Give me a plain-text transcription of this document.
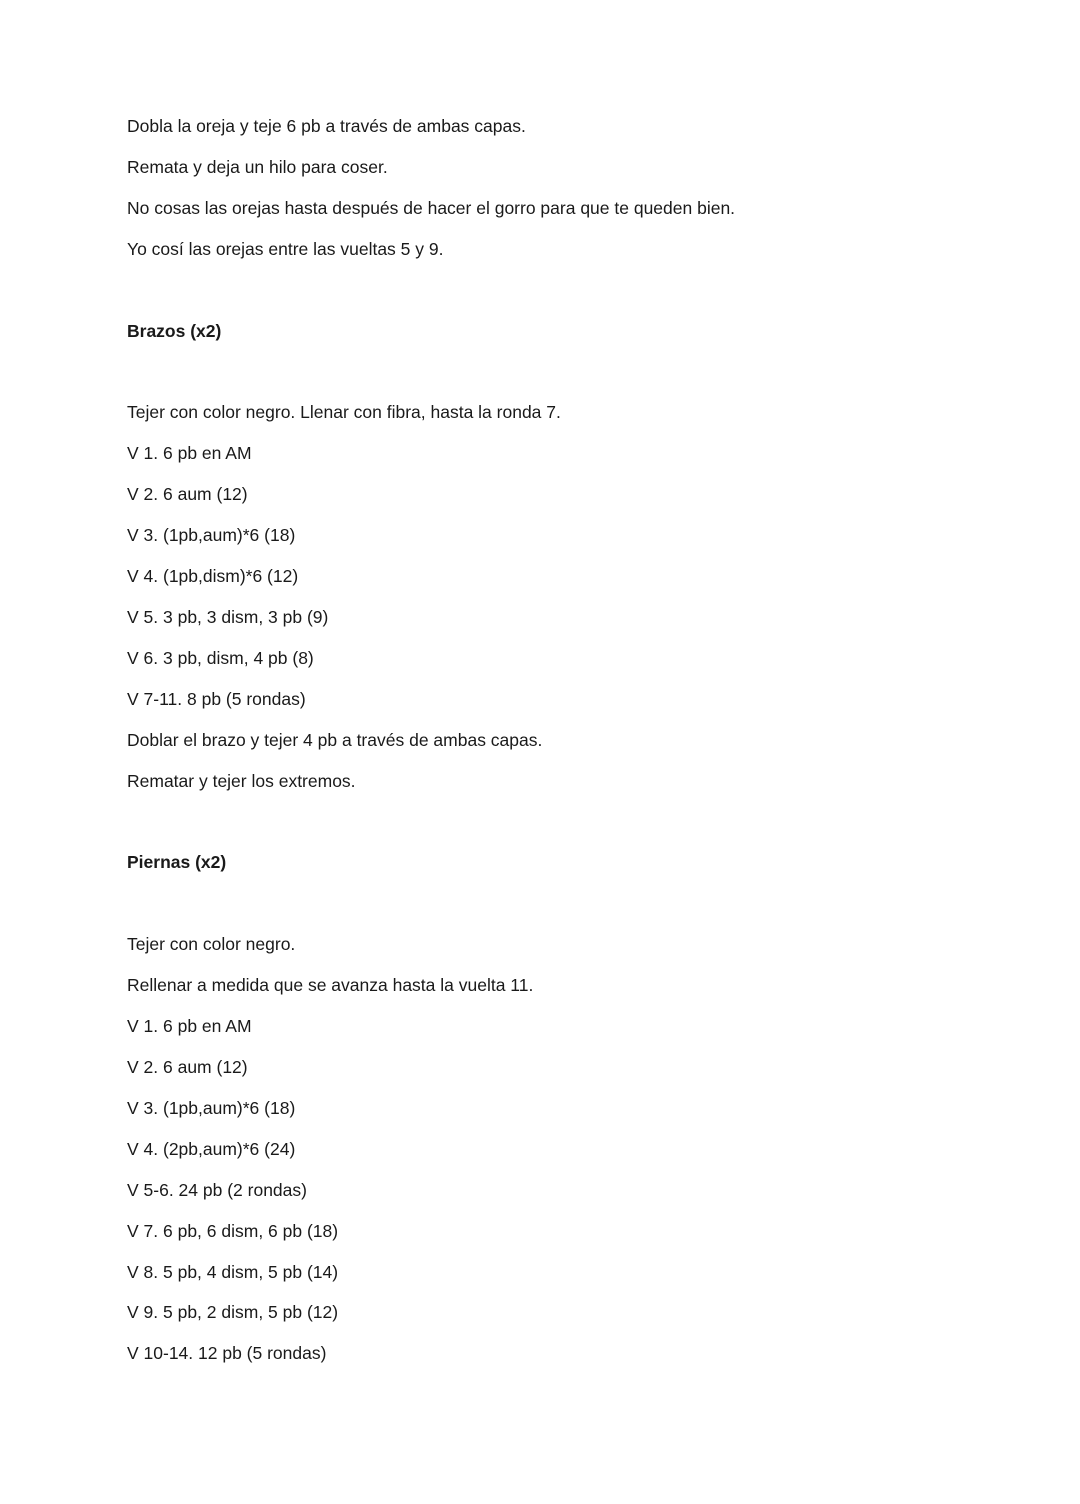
Dobla la oreja y teje 6 pb a través de ambas capas.
Remata y deja un hilo para coser.
No cosas las orejas hasta después de hacer el gorro para que te queden bien.
Yo cosí las orejas entre las vueltas 5 y 9.
Brazos (x2)
Tejer con color negro. Llenar con fibra, hasta la ronda 7.
V 1. 6 pb en AM
V 2. 6 aum (12)
V 3. (1pb,aum)*6 (18)
V 4. (1pb,dism)*6 (12)
V 5. 3 pb, 3 dism, 3 pb (9)
V 6. 3 pb, dism, 4 pb (8)
V 7-11. 8 pb (5 rondas)
Doblar el brazo y tejer 4 pb a través de ambas capas.
Rematar y tejer los extremos.
Piernas (x2)
Tejer con color negro.
Rellenar a medida que se avanza hasta la vuelta 11.
V 1. 6 pb en AM
V 2. 6 aum (12)
V 3. (1pb,aum)*6 (18)
V 4. (2pb,aum)*6 (24)
V 5-6. 24 pb (2 rondas)
V 7. 6 pb, 6 dism, 6 pb (18)
V 8. 5 pb, 4 dism, 5 pb (14)
V 9. 5 pb, 2 dism, 5 pb (12)
V 10-14. 12 pb (5 rondas)
